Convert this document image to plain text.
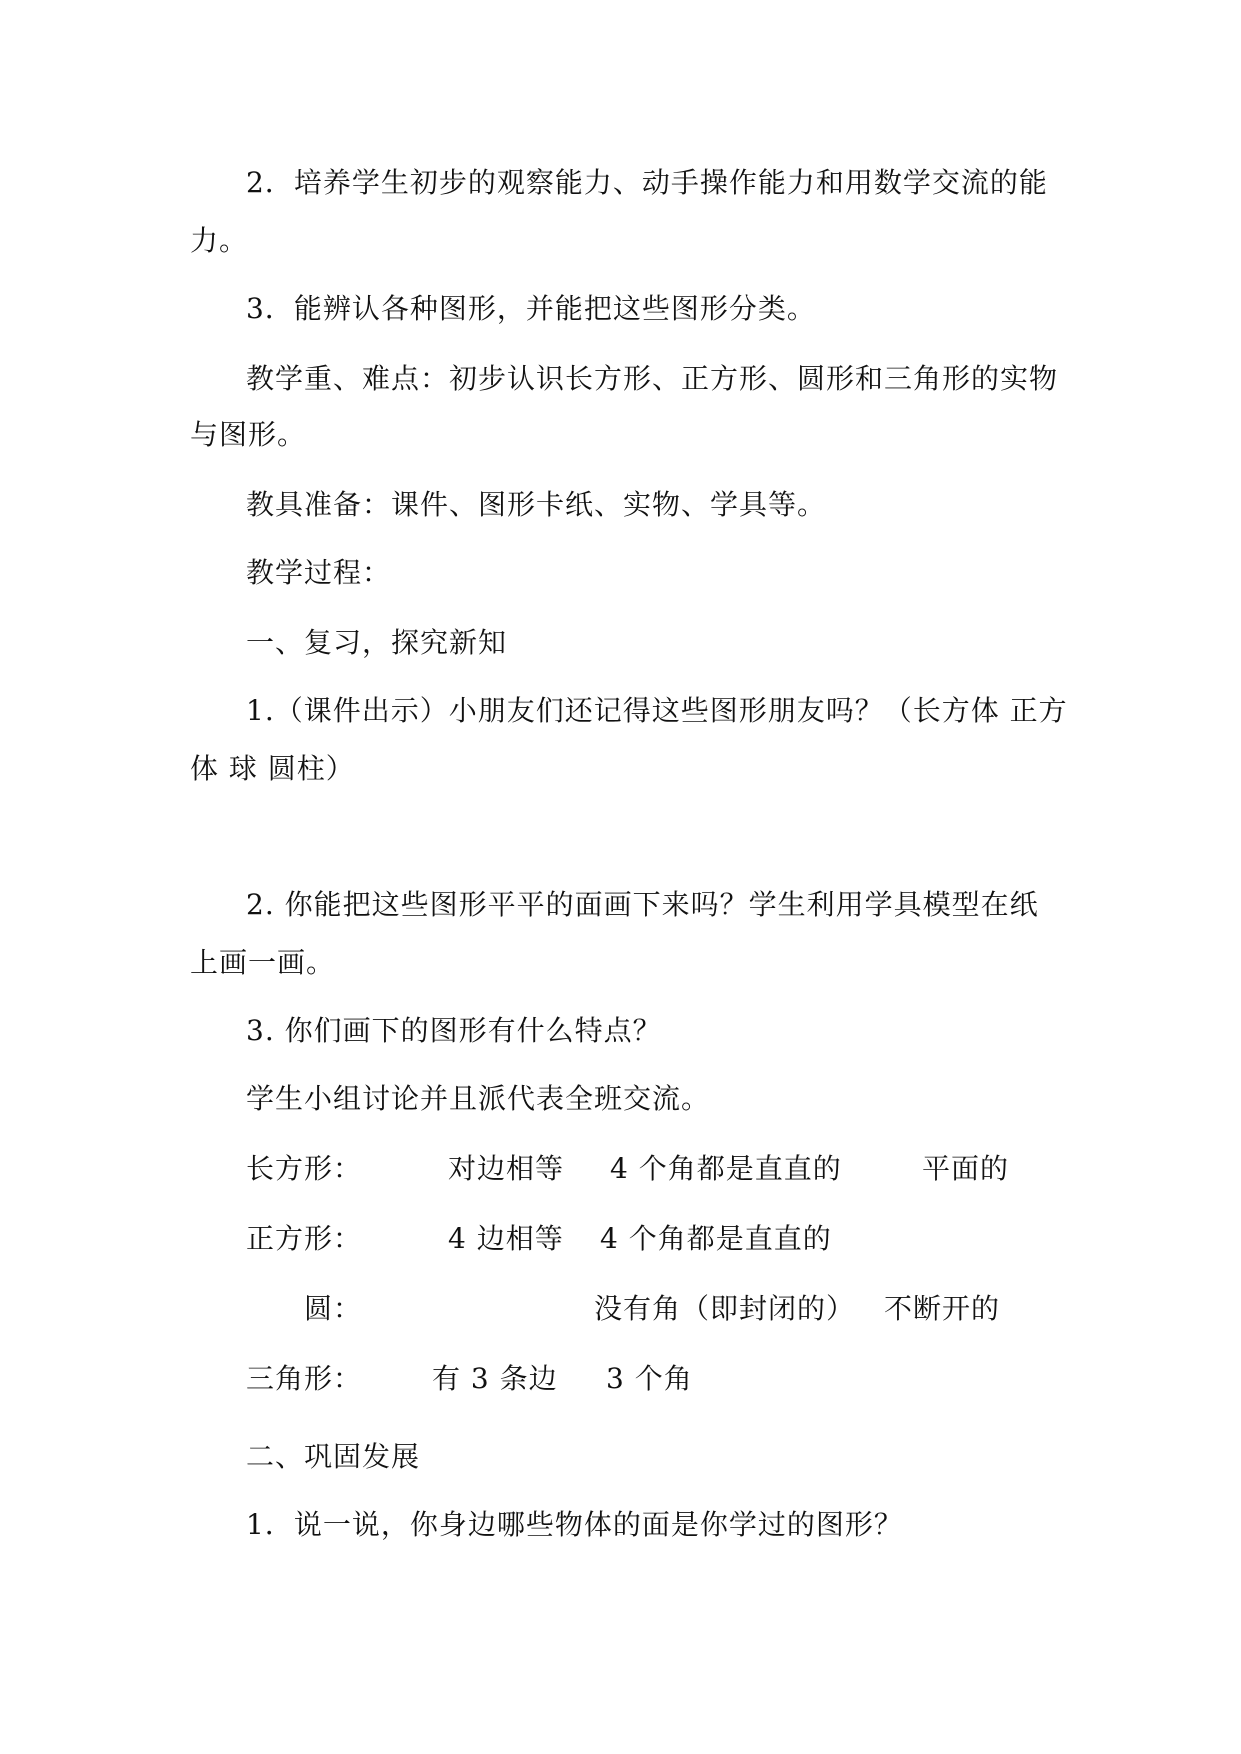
2．培养学生初步的观察能力、动手操作能力和用数学交流的能
力。
3．能辨认各种图形，并能把这些图形分类。
教学重、难点：初步认识长方形、正方形、圆形和三角形的实物
与图形。
教具准备：课件、图形卡纸、实物、学具等。
教学过程：
一、复习，探究新知
1.（课件出示）小朋友们还记得这些图形朋友吗？（长方体 正方
体 球 圆柱）
2. 你能把这些图形平平的面画下来吗？学生利用学具模型在纸
上画一画。
3. 你们画下的图形有什么特点？
学生小组讨论并且派代表全班交流。
长方形：	对边相等 4 个角都是直直的	平面的
正方形：	4 边相等 4 个角都是直直的
圆：	没有角（即封闭的） 不断开的
三角形： 有 3 条边 3 个角
二、巩固发展
1．说一说，你身边哪些物体的面是你学过的图形？
